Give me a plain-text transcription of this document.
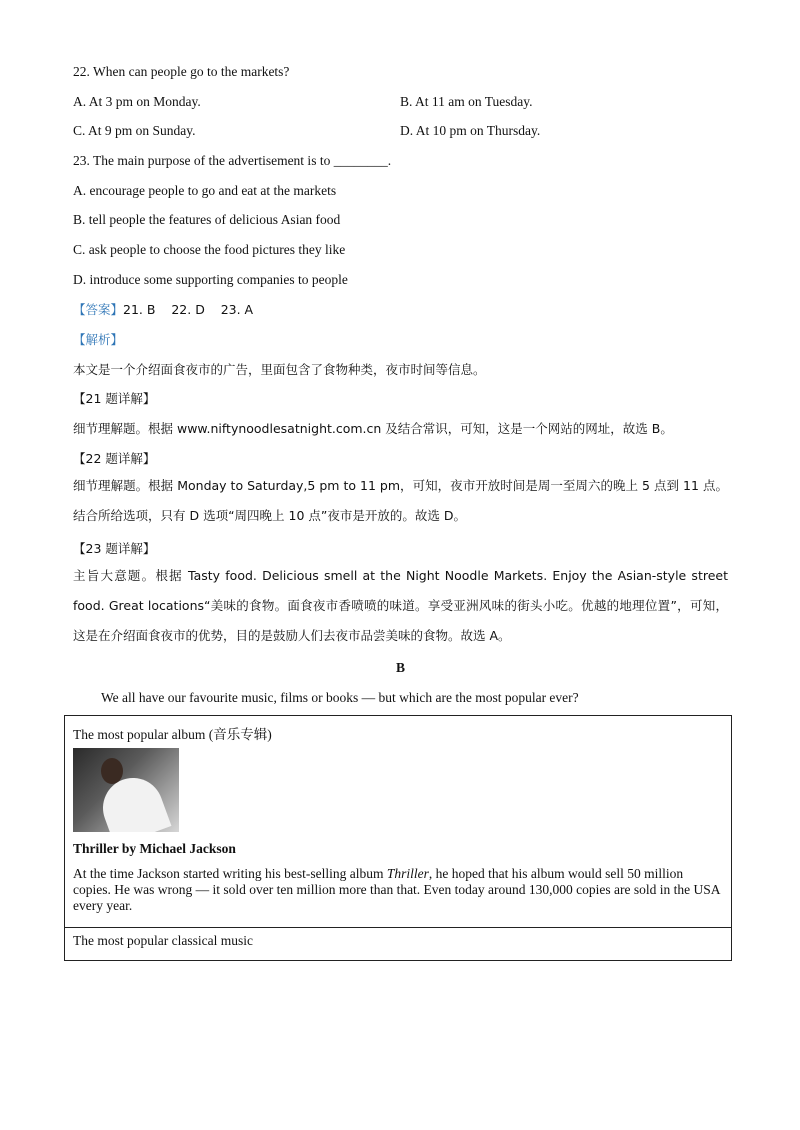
22. When can people go to the markets?
A. At 3 pm on Monday.	B. At 11 am on Tuesday.
C. At 9 pm on Sunday.	D. At 10 pm on Thursday.
23. The main purpose of the advertisement is to ________.
A. encourage people to go and eat at the markets
B. tell people the features of delicious Asian food
C. ask people to choose the food pictures they like
D. introduce some supporting companies to people
【答案】21. B    22. D    23. A
【解析】
本文是一个介绍面食夜市的广告，里面包含了食物种类，夜市时间等信息。
【21 题详解】
细节理解题。根据 www.niftynoodlesatnight.com.cn 及结合常识，可知，这是一个网站的网址，故选 B。
【22 题详解】
细节理解题。根据 Monday to Saturday,5 pm to 11 pm，可知，夜市开放时间是周一至周六的晚上 5 点到 11 点。结合所给选项，只有 D 选项“周四晚上 10 点”夜市是开放的。故选 D。
【23 题详解】
主旨大意题。根据 Tasty food. Delicious smell at the Night Noodle Markets. Enjoy the Asian-style street food. Great locations“美味的食物。面食夜市香喷喷的味道。享受亚洲风味的街头小吃。优越的地理位置”，可知，这是在介绍面食夜市的优势，目的是鼓励人们去夜市品尝美味的食物。故选 A。
B
We all have our favourite music, films or books — but which are the most popular ever?
The most popular album (音乐专辑)
Thriller by Michael Jackson
At the time Jackson started writing his best-selling album Thriller, he hoped that his album would sell 50 million copies. He was wrong — it sold over ten million more than that. Even today around 130,000 copies are sold in the USA every year.
The most popular classical music
